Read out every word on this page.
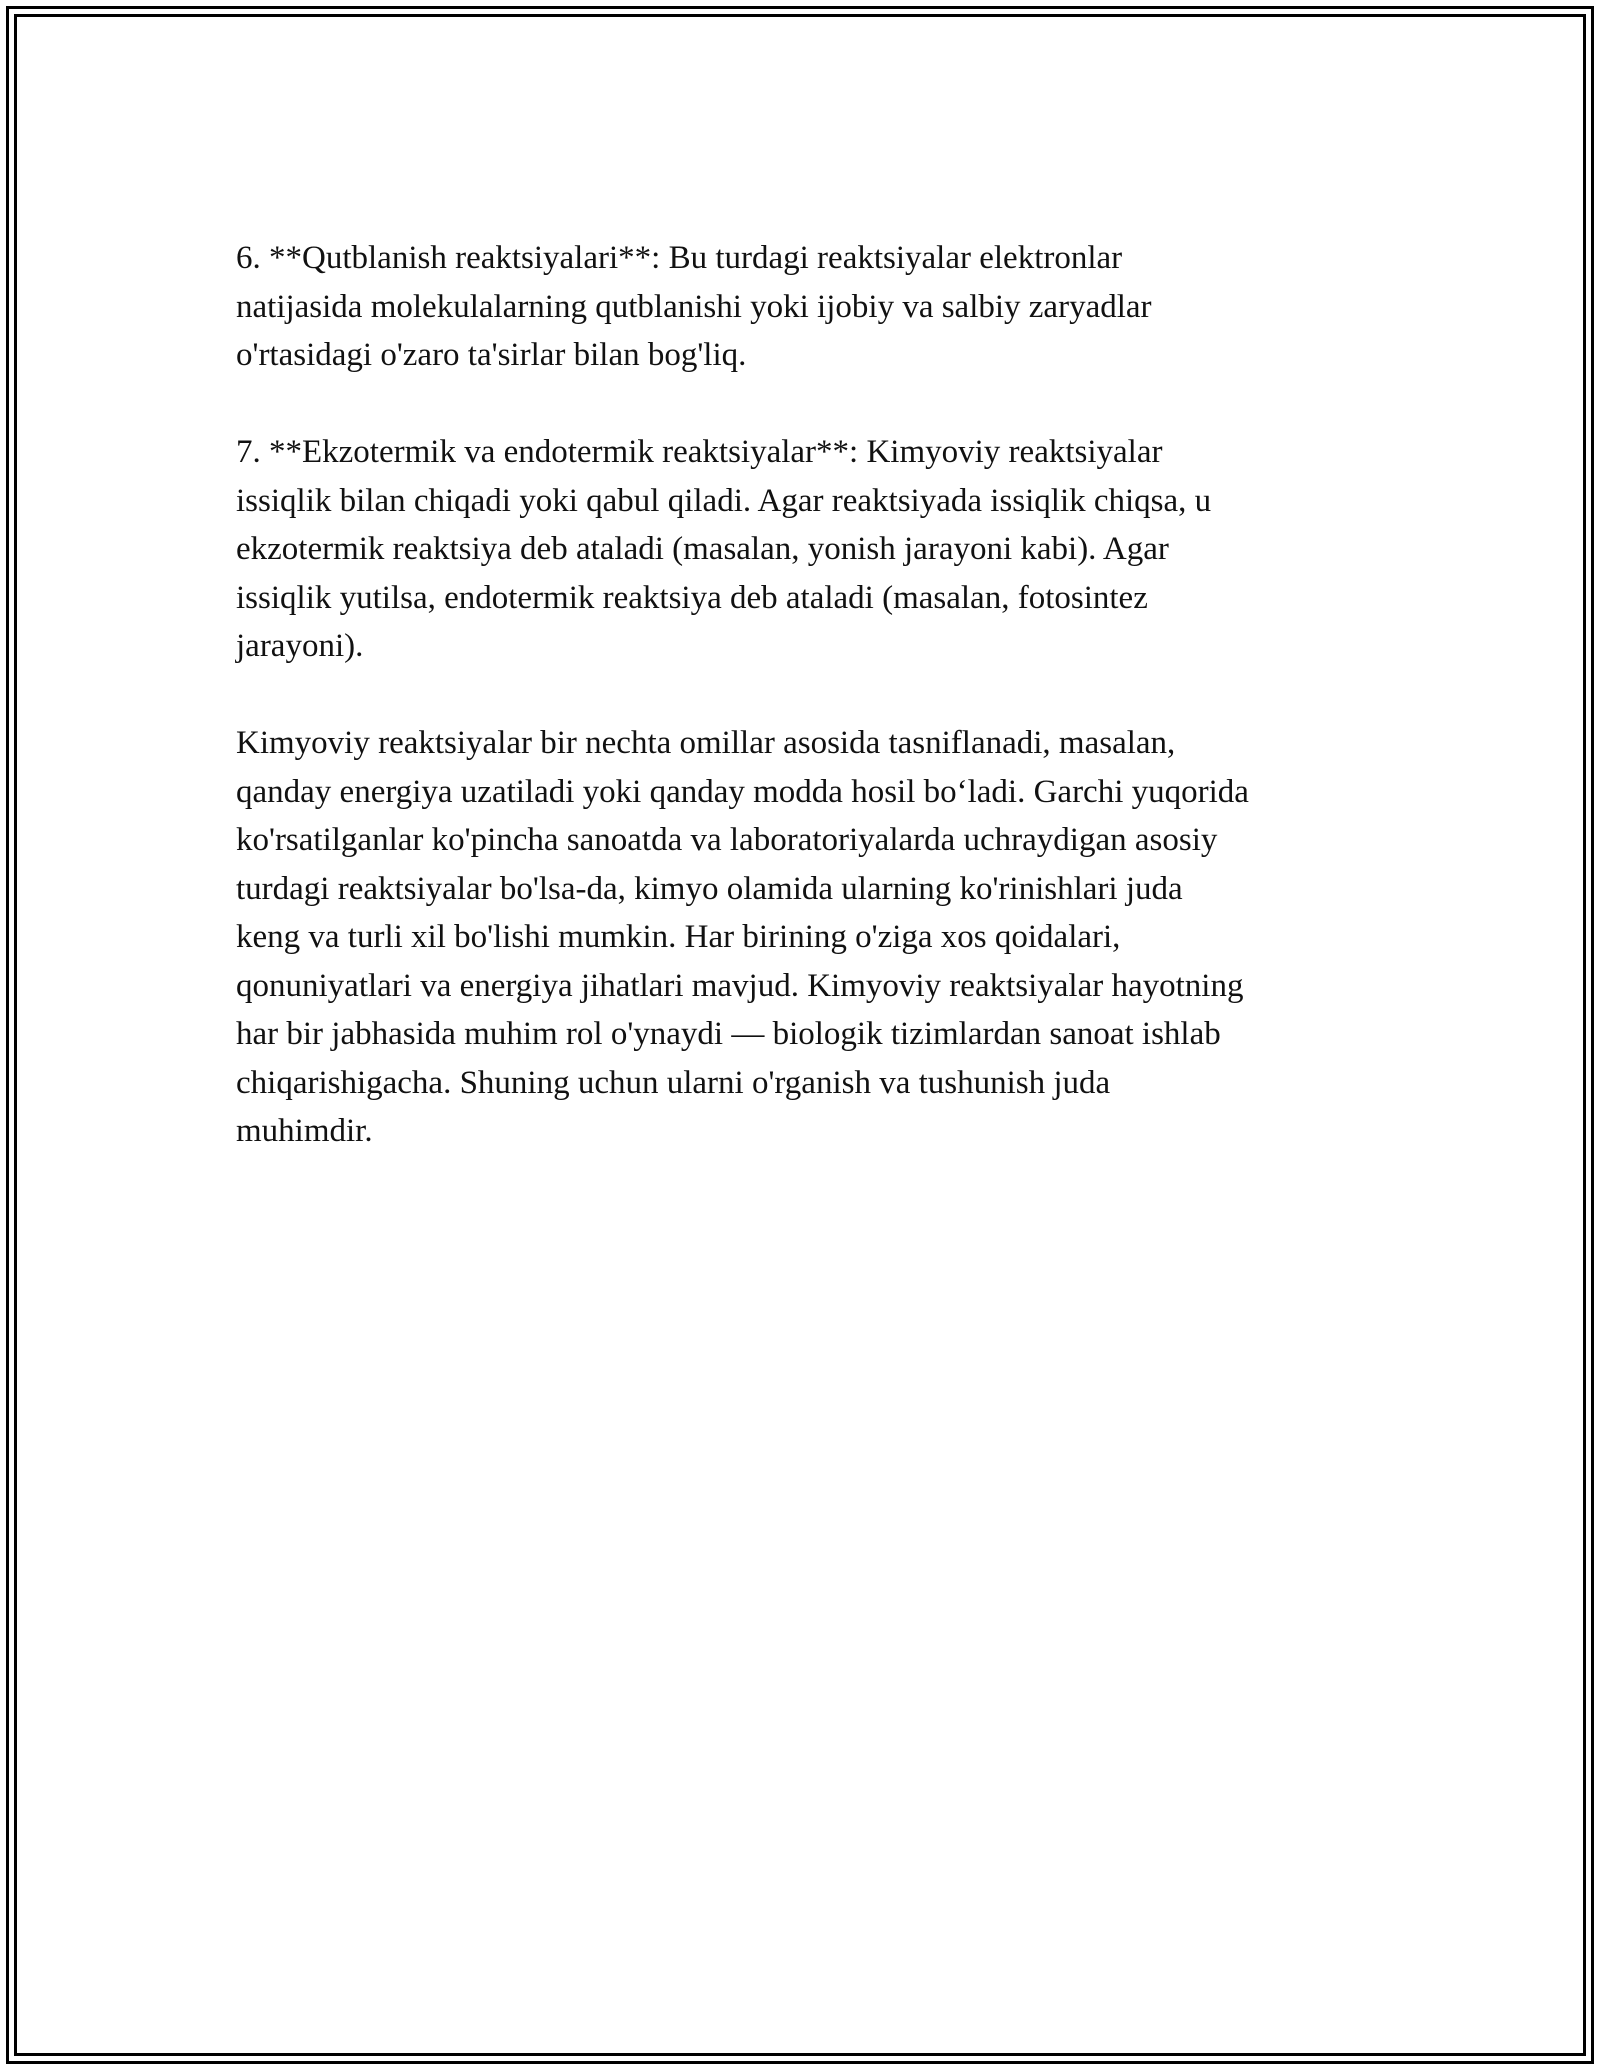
6. **Qutblanish reaktsiyalari**: Bu turdagi reaktsiyalar elektronlar
natijasida molekulalarning qutblanishi yoki ijobiy va salbiy zaryadlar
o'rtasidagi o'zaro ta'sirlar bilan bog'liq.

7. **Ekzotermik va endotermik reaktsiyalar**: Kimyoviy reaktsiyalar
issiqlik bilan chiqadi yoki qabul qiladi. Agar reaktsiyada issiqlik chiqsa, u
ekzotermik reaktsiya deb ataladi (masalan, yonish jarayoni kabi). Agar
issiqlik yutilsa, endotermik reaktsiya deb ataladi (masalan, fotosintez
jarayoni).

Kimyoviy reaktsiyalar bir nechta omillar asosida tasniflanadi, masalan,
qanday energiya uzatiladi yoki qanday modda hosil bo‘ladi. Garchi yuqorida
ko'rsatilganlar ko'pincha sanoatda va laboratoriyalarda uchraydigan asosiy
turdagi reaktsiyalar bo'lsa-da, kimyo olamida ularning ko'rinishlari juda
keng va turli xil bo'lishi mumkin. Har birining o'ziga xos qoidalari,
qonuniyatlari va energiya jihatlari mavjud. Kimyoviy reaktsiyalar hayotning
har bir jabhasida muhim rol o'ynaydi — biologik tizimlardan sanoat ishlab
chiqarishigacha. Shuning uchun ularni o'rganish va tushunish juda
muhimdir.
